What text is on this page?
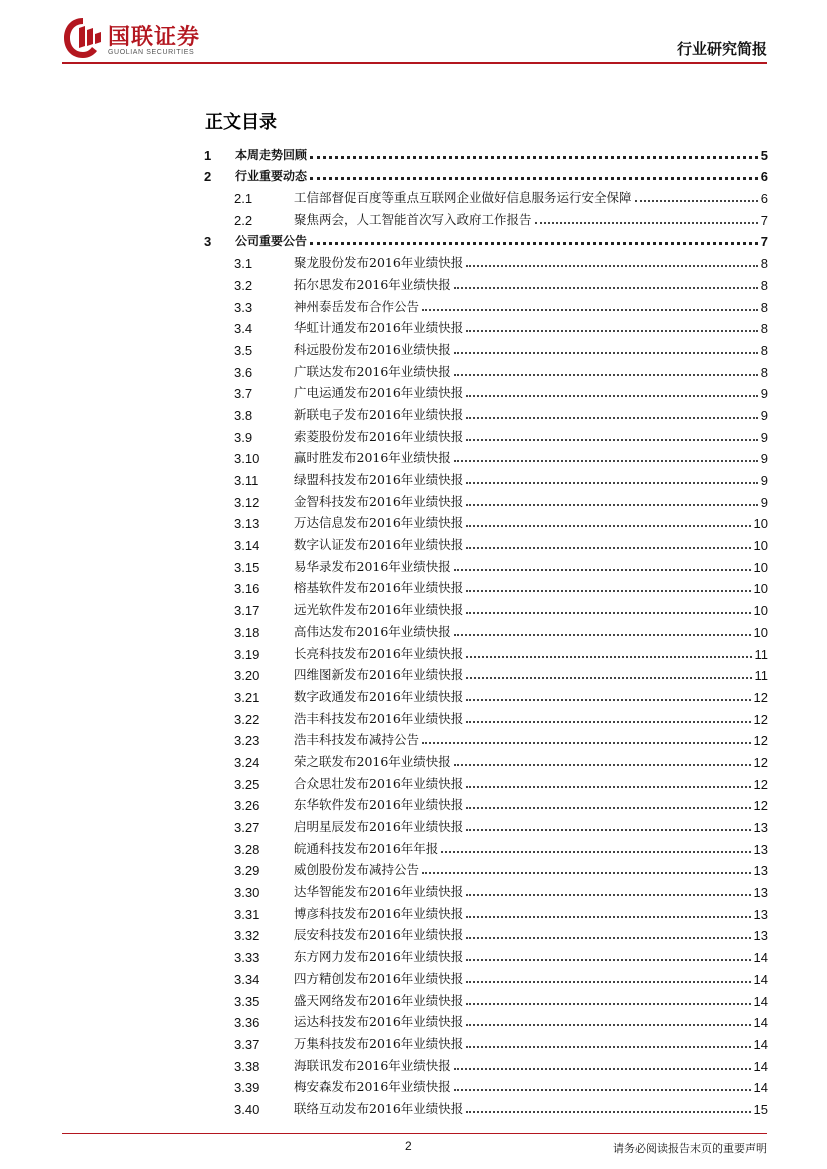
国联证券
GUOLIAN SECURITIES	行业研究简报
正文目录
1	本周走势回顾	5
2	行业重要动态	6
2.1	工信部督促百度等重点互联网企业做好信息服务运行安全保障	6
2.2	聚焦两会，人工智能首次写入政府工作报告	7
3	公司重要公告	7
3.1	聚龙股份发布2016年业绩快报	8
3.2	拓尔思发布2016年业绩快报	8
3.3	神州泰岳发布合作公告	8
3.4	华虹计通发布2016年业绩快报	8
3.5	科远股份发布2016业绩快报	8
3.6	广联达发布2016年业绩快报	8
3.7	广电运通发布2016年业绩快报	9
3.8	新联电子发布2016年业绩快报	9
3.9	索菱股份发布2016年业绩快报	9
3.10	赢时胜发布2016年业绩快报	9
3.11	绿盟科技发布2016年业绩快报	9
3.12	金智科技发布2016年业绩快报	9
3.13	万达信息发布2016年业绩快报	10
3.14	数字认证发布2016年业绩快报	10
3.15	易华录发布2016年业绩快报	10
3.16	榕基软件发布2016年业绩快报	10
3.17	远光软件发布2016年业绩快报	10
3.18	高伟达发布2016年业绩快报	10
3.19	长亮科技发布2016年业绩快报	11
3.20	四维图新发布2016年业绩快报	11
3.21	数字政通发布2016年业绩快报	12
3.22	浩丰科技发布2016年业绩快报	12
3.23	浩丰科技发布减持公告	12
3.24	荣之联发布2016年业绩快报	12
3.25	合众思壮发布2016年业绩快报	12
3.26	东华软件发布2016年业绩快报	12
3.27	启明星辰发布2016年业绩快报	13
3.28	皖通科技发布2016年年报	13
3.29	威创股份发布减持公告	13
3.30	达华智能发布2016年业绩快报	13
3.31	博彦科技发布2016年业绩快报	13
3.32	辰安科技发布2016年业绩快报	13
3.33	东方网力发布2016年业绩快报	14
3.34	四方精创发布2016年业绩快报	14
3.35	盛天网络发布2016年业绩快报	14
3.36	运达科技发布2016年业绩快报	14
3.37	万集科技发布2016年业绩快报	14
3.38	海联讯发布2016年业绩快报	14
3.39	梅安森发布2016年业绩快报	14
3.40	联络互动发布2016年业绩快报	15
2	请务必阅读报告末页的重要声明
